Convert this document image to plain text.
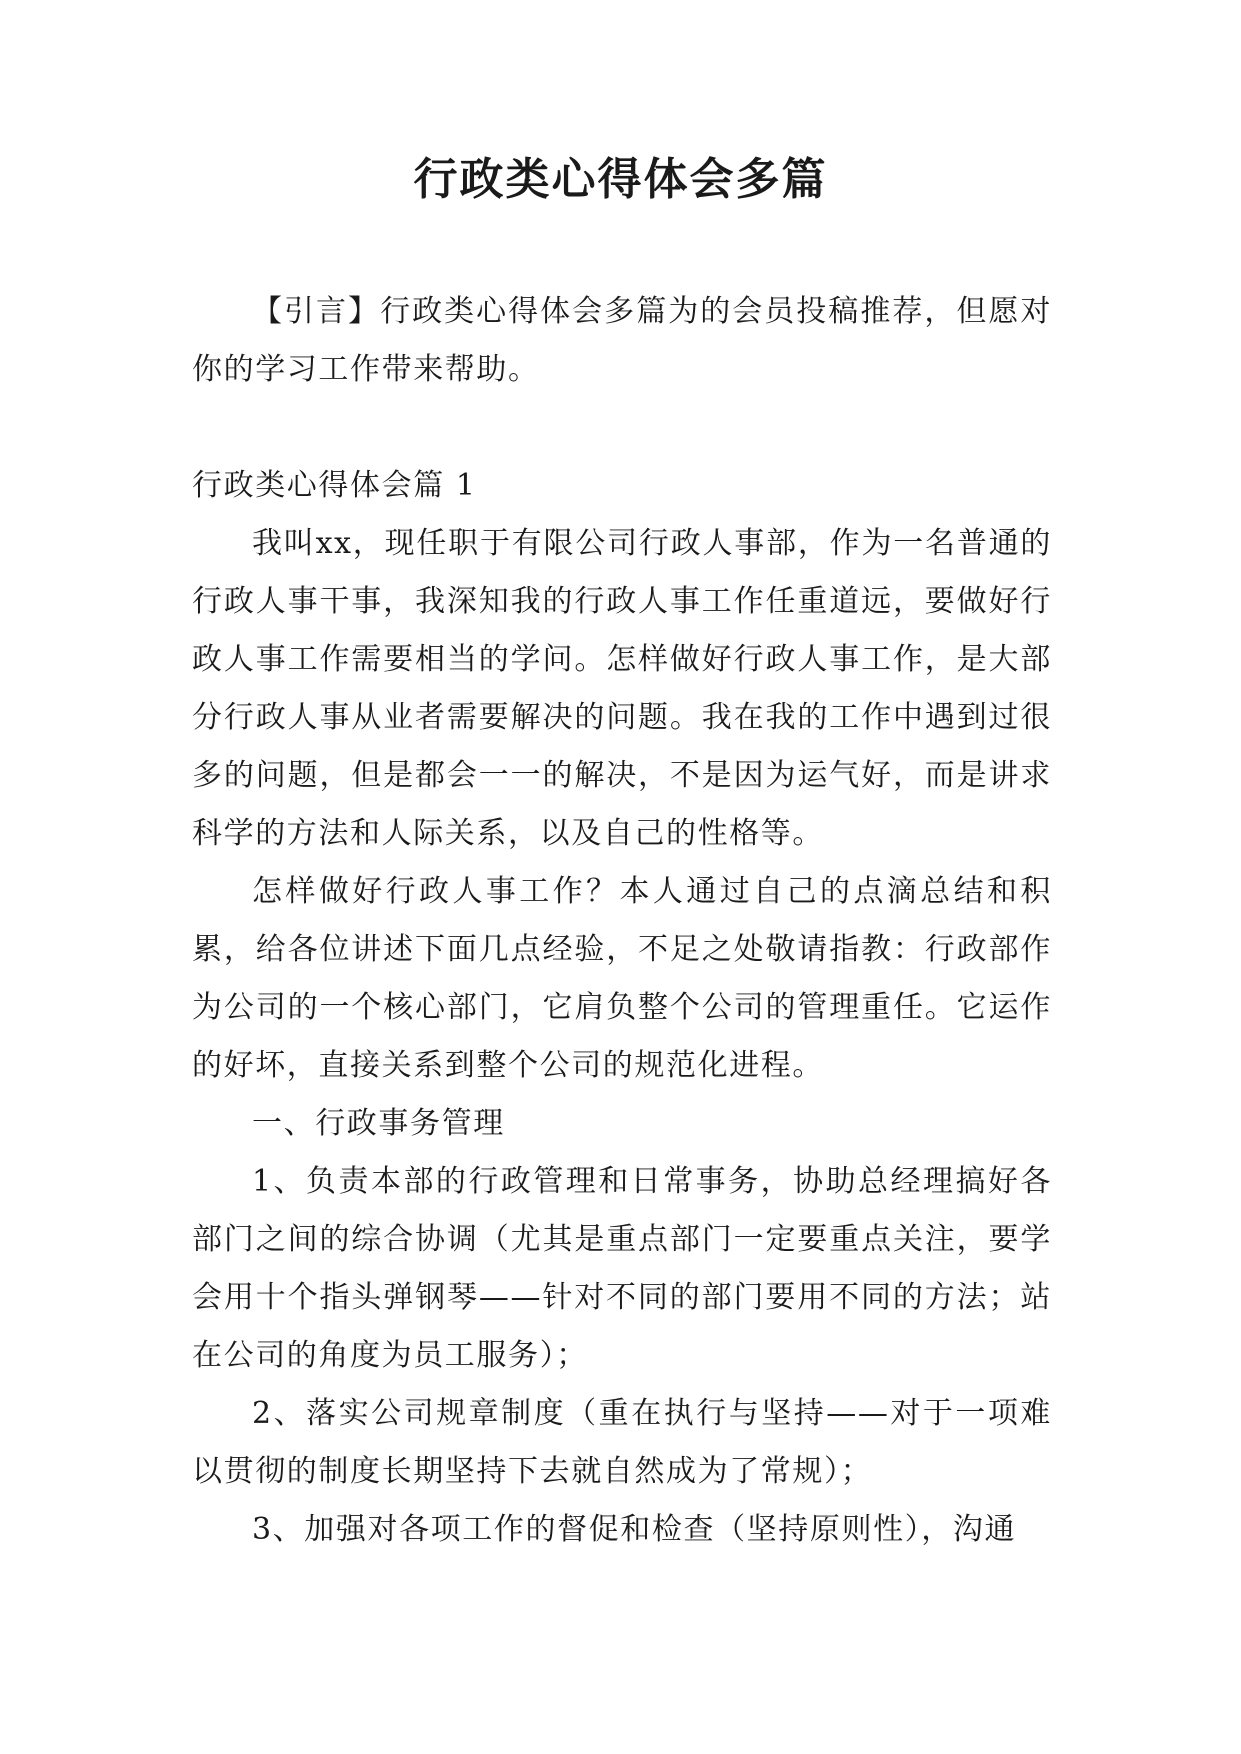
行政类心得体会多篇

【引言】行政类心得体会多篇为的会员投稿推荐，但愿对你的学习工作带来帮助。

行政类心得体会篇 1

我叫xx，现任职于有限公司行政人事部，作为一名普通的行政人事干事，我深知我的行政人事工作任重道远，要做好行政人事工作需要相当的学问。怎样做好行政人事工作，是大部分行政人事从业者需要解决的问题。我在我的工作中遇到过很多的问题，但是都会一一的解决，不是因为运气好，而是讲求科学的方法和人际关系，以及自己的性格等。

怎样做好行政人事工作？本人通过自己的点滴总结和积累，给各位讲述下面几点经验，不足之处敬请指教：行政部作为公司的一个核心部门，它肩负整个公司的管理重任。它运作的好坏，直接关系到整个公司的规范化进程。

一、行政事务管理

1、负责本部的行政管理和日常事务，协助总经理搞好各部门之间的综合协调（尤其是重点部门一定要重点关注，要学会用十个指头弹钢琴——针对不同的部门要用不同的方法；站在公司的角度为员工服务）；

2、落实公司规章制度（重在执行与坚持——对于一项难以贯彻的制度长期坚持下去就自然成为了常规）；

3、加强对各项工作的督促和检查（坚持原则性），沟通
